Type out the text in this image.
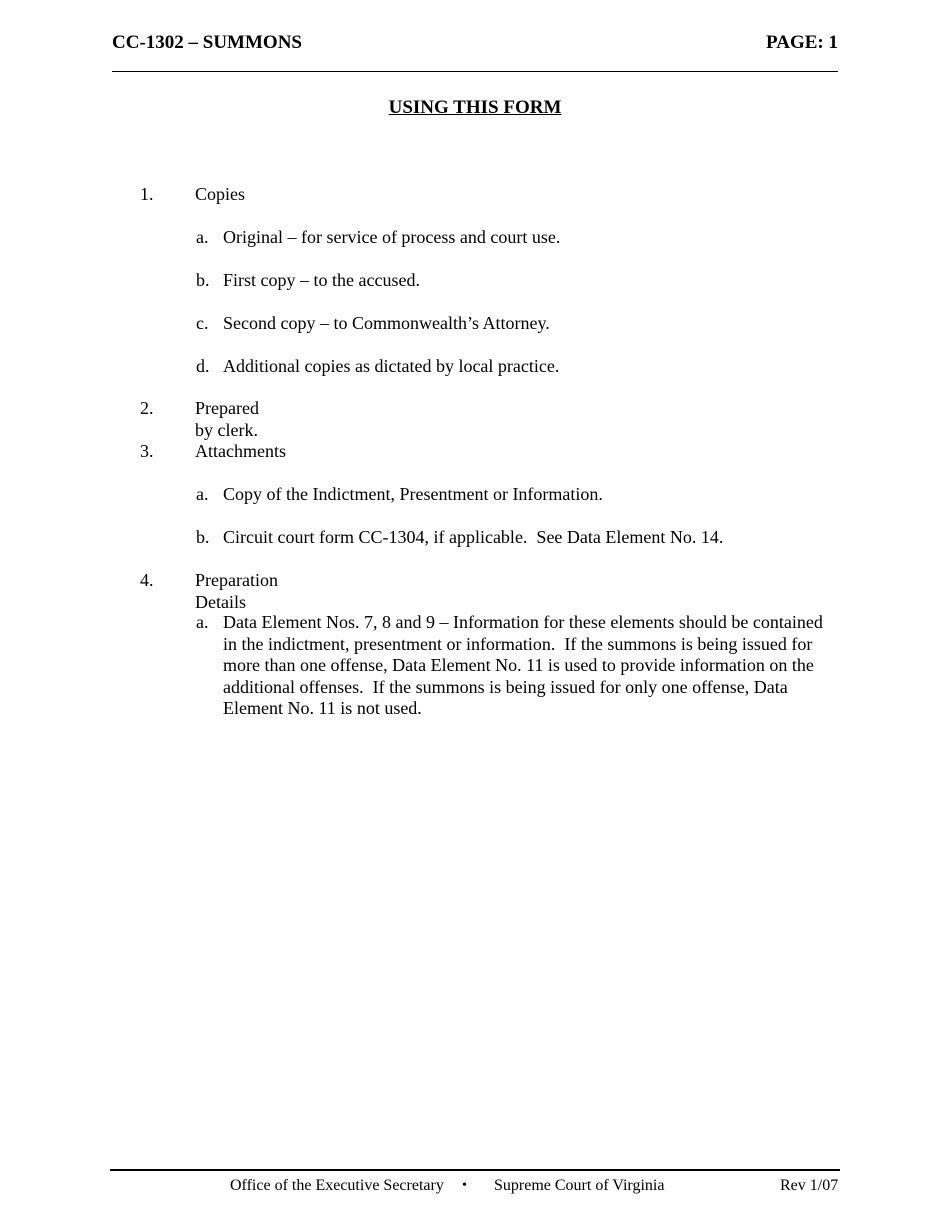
CC-1302 – SUMMONS	PAGE: 1
USING THIS FORM
1. Copies
a. Original – for service of process and court use.
b. First copy – to the accused.
c. Second copy – to Commonwealth’s Attorney.
d. Additional copies as dictated by local practice.
2. Prepared by clerk.
3. Attachments
a. Copy of the Indictment, Presentment or Information.
b. Circuit court form CC-1304, if applicable.  See Data Element No. 14.
4. Preparation Details
a. Data Element Nos. 7, 8 and 9 – Information for these elements should be contained in the indictment, presentment or information.  If the summons is being issued for more than one offense, Data Element No. 11 is used to provide information on the additional offenses.  If the summons is being issued for only one offense, Data Element No. 11 is not used.
Office of the Executive Secretary • Supreme Court of Virginia	Rev 1/07
